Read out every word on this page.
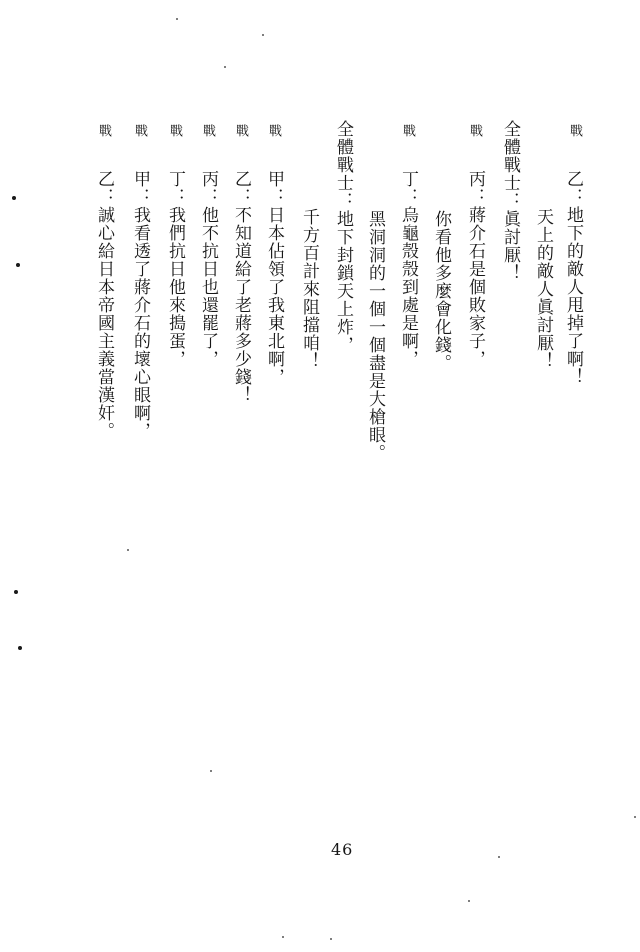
戰
乙：地下的敵人甩掉了啊！
天上的敵人眞討厭！
全體戰士：眞討厭！
戰
丙：蔣介石是個敗家子，
你看他多麼會化錢。
戰
丁：烏龜殼殼到處是啊，
黑洞洞的一個一個盡是大槍眼。
全體戰士：地下封鎖天上炸，
千方百計來阻擋咱！
戰
甲：日本佔領了我東北啊，
戰
乙：不知道給了老蔣多少錢！
戰
丙：他不抗日也還罷了，
戰
丁：我們抗日他來搗蛋，
戰
甲：我看透了蔣介石的壞心眼啊，
戰
乙：誠心給日本帝國主義當漢奸。
46
